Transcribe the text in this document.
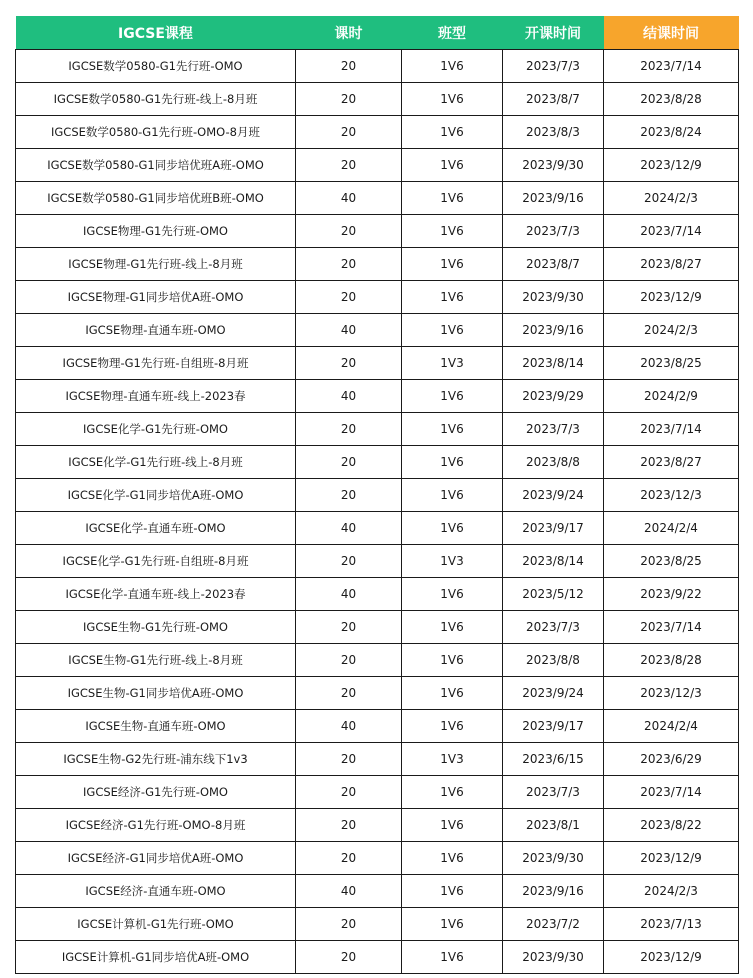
IGCSE课程	课时	班型	开课时间	结课时间
IGCSE数学0580-G1先行班-OMO	20	1V6	2023/7/3	2023/7/14
IGCSE数学0580-G1先行班-线上-8月班	20	1V6	2023/8/7	2023/8/28
IGCSE数学0580-G1先行班-OMO-8月班	20	1V6	2023/8/3	2023/8/24
IGCSE数学0580-G1同步培优班A班-OMO	20	1V6	2023/9/30	2023/12/9
IGCSE数学0580-G1同步培优班B班-OMO	40	1V6	2023/9/16	2024/2/3
IGCSE物理-G1先行班-OMO	20	1V6	2023/7/3	2023/7/14
IGCSE物理-G1先行班-线上-8月班	20	1V6	2023/8/7	2023/8/27
IGCSE物理-G1同步培优A班-OMO	20	1V6	2023/9/30	2023/12/9
IGCSE物理-直通车班-OMO	40	1V6	2023/9/16	2024/2/3
IGCSE物理-G1先行班-自组班-8月班	20	1V3	2023/8/14	2023/8/25
IGCSE物理-直通车班-线上-2023春	40	1V6	2023/9/29	2024/2/9
IGCSE化学-G1先行班-OMO	20	1V6	2023/7/3	2023/7/14
IGCSE化学-G1先行班-线上-8月班	20	1V6	2023/8/8	2023/8/27
IGCSE化学-G1同步培优A班-OMO	20	1V6	2023/9/24	2023/12/3
IGCSE化学-直通车班-OMO	40	1V6	2023/9/17	2024/2/4
IGCSE化学-G1先行班-自组班-8月班	20	1V3	2023/8/14	2023/8/25
IGCSE化学-直通车班-线上-2023春	40	1V6	2023/5/12	2023/9/22
IGCSE生物-G1先行班-OMO	20	1V6	2023/7/3	2023/7/14
IGCSE生物-G1先行班-线上-8月班	20	1V6	2023/8/8	2023/8/28
IGCSE生物-G1同步培优A班-OMO	20	1V6	2023/9/24	2023/12/3
IGCSE生物-直通车班-OMO	40	1V6	2023/9/17	2024/2/4
IGCSE生物-G2先行班-浦东线下1v3	20	1V3	2023/6/15	2023/6/29
IGCSE经济-G1先行班-OMO	20	1V6	2023/7/3	2023/7/14
IGCSE经济-G1先行班-OMO-8月班	20	1V6	2023/8/1	2023/8/22
IGCSE经济-G1同步培优A班-OMO	20	1V6	2023/9/30	2023/12/9
IGCSE经济-直通车班-OMO	40	1V6	2023/9/16	2024/2/3
IGCSE计算机-G1先行班-OMO	20	1V6	2023/7/2	2023/7/13
IGCSE计算机-G1同步培优A班-OMO	20	1V6	2023/9/30	2023/12/9
